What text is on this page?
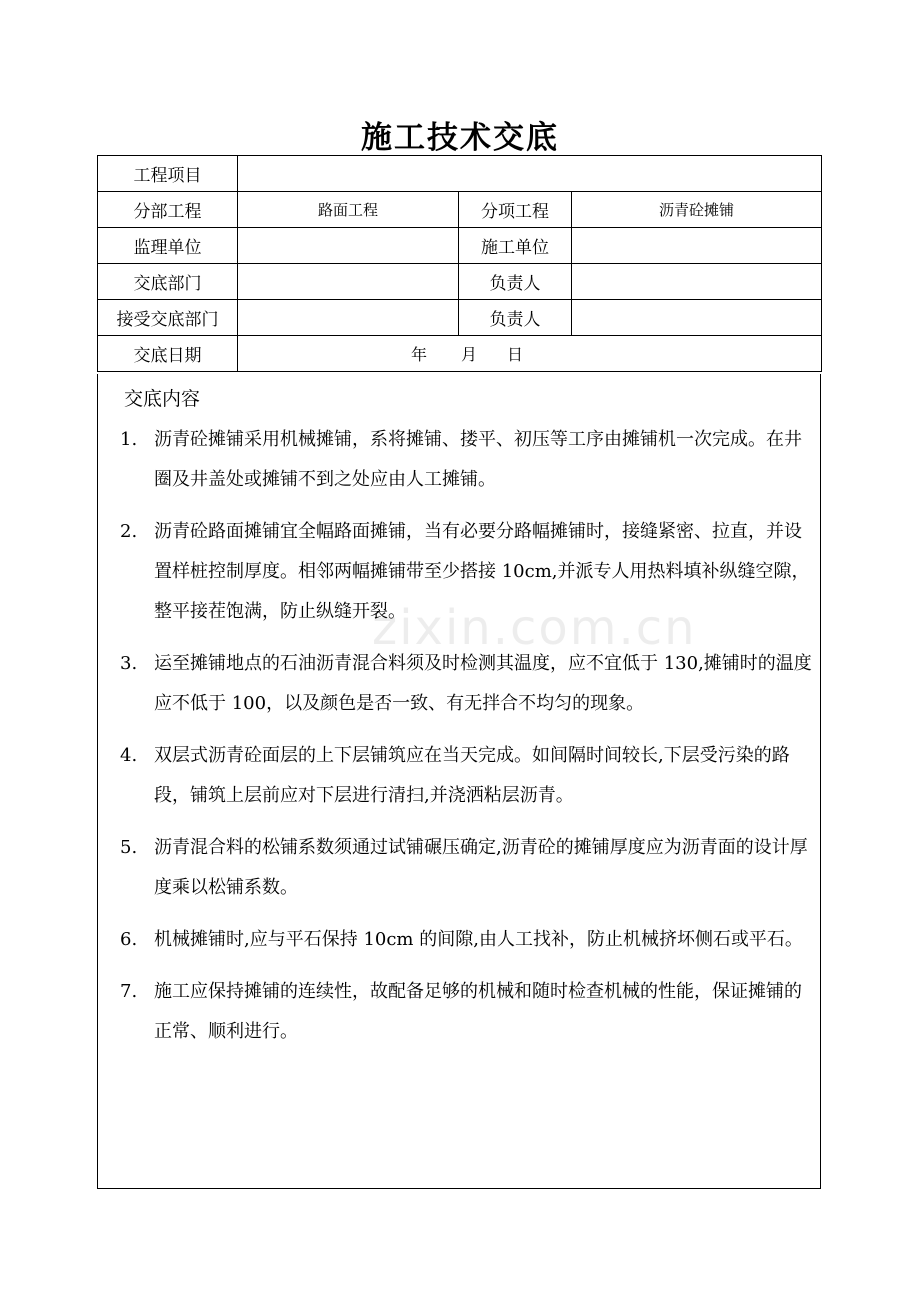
施工技术交底
工程项目			
分部工程	路面工程	分项工程	沥青砼摊铺
监理单位		施工单位	
交底部门		负责人	
接受交底部门		负责人	
交底日期	年 月 日		
交底内容
1. 沥青砼摊铺采用机械摊铺，系将摊铺、搂平、初压等工序由摊铺机一次完成。在井圈及井盖处或摊铺不到之处应由人工摊铺。
2. 沥青砼路面摊铺宜全幅路面摊铺，当有必要分路幅摊铺时，接缝紧密、拉直，并设置样桩控制厚度。相邻两幅摊铺带至少搭接 10cm,并派专人用热料填补纵缝空隙，整平接茬饱满，防止纵缝开裂。
3. 运至摊铺地点的石油沥青混合料须及时检测其温度，应不宜低于 130,摊铺时的温度应不低于 100，以及颜色是否一致、有无拌合不均匀的现象。
4. 双层式沥青砼面层的上下层铺筑应在当天完成。如间隔时间较长,下层受污染的路段，铺筑上层前应对下层进行清扫,并浇洒粘层沥青。
5. 沥青混合料的松铺系数须通过试铺碾压确定,沥青砼的摊铺厚度应为沥青面的设计厚度乘以松铺系数。
6. 机械摊铺时,应与平石保持 10cm 的间隙,由人工找补，防止机械挤坏侧石或平石。
7. 施工应保持摊铺的连续性，故配备足够的机械和随时检查机械的性能，保证摊铺的正常、顺利进行。
zixin.com.cn
